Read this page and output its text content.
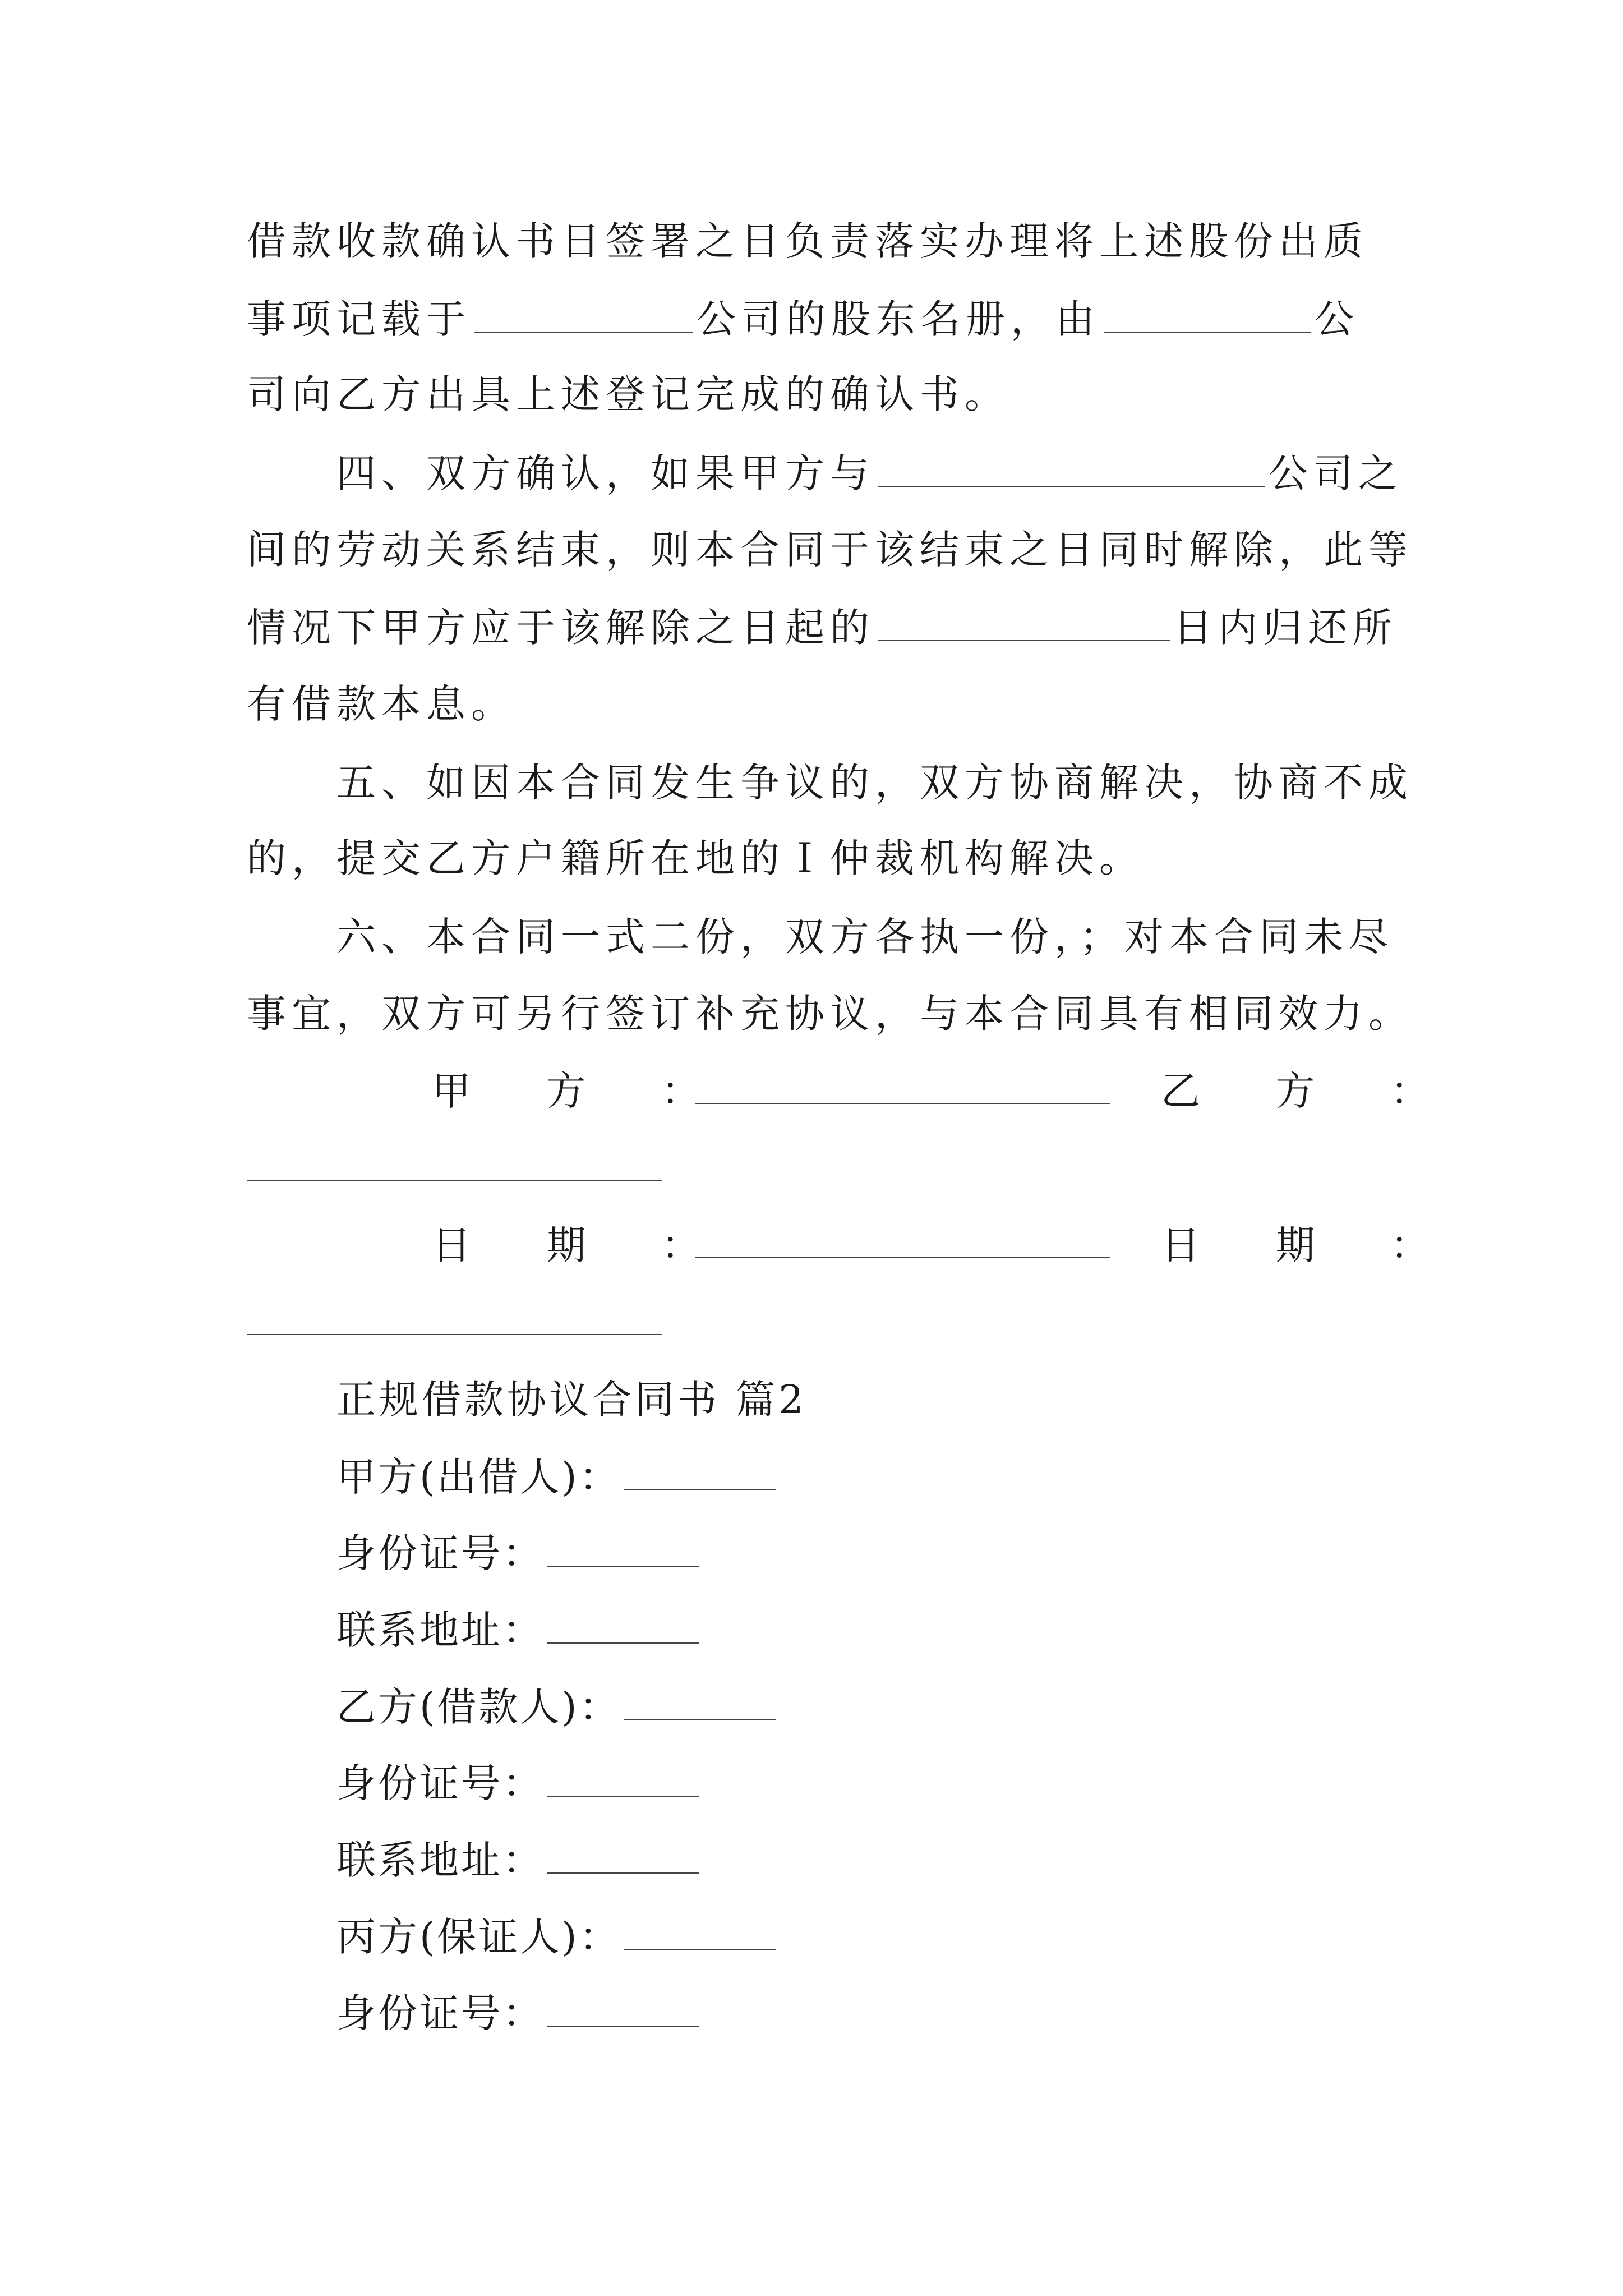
借款收款确认书日签署之日负责落实办理将上述股份出质
事项记载于	公司的股东名册，由	公
司向乙方出具上述登记完成的确认书。
四、双方确认，如果甲方与	公司之
间的劳动关系结束，则本合同于该结束之日同时解除，此等
情况下甲方应于该解除之日起的	日内归还所
有借款本息。
五、如因本合同发生争议的，双方协商解决，协商不成
的，提交乙方户籍所在地的Ｉ仲裁机构解决。
六、本合同一式二份，双方各执一份，；对本合同未尽
事宜，双方可另行签订补充协议，与本合同具有相同效力。
甲  方  ：	乙  方  ：
日  期  ：	日  期  ：
正规借款协议合同书 篇2
甲方(出借人)：
身份证号：
联系地址：
乙方(借款人)：
身份证号：
联系地址：
丙方(保证人)：
身份证号：
